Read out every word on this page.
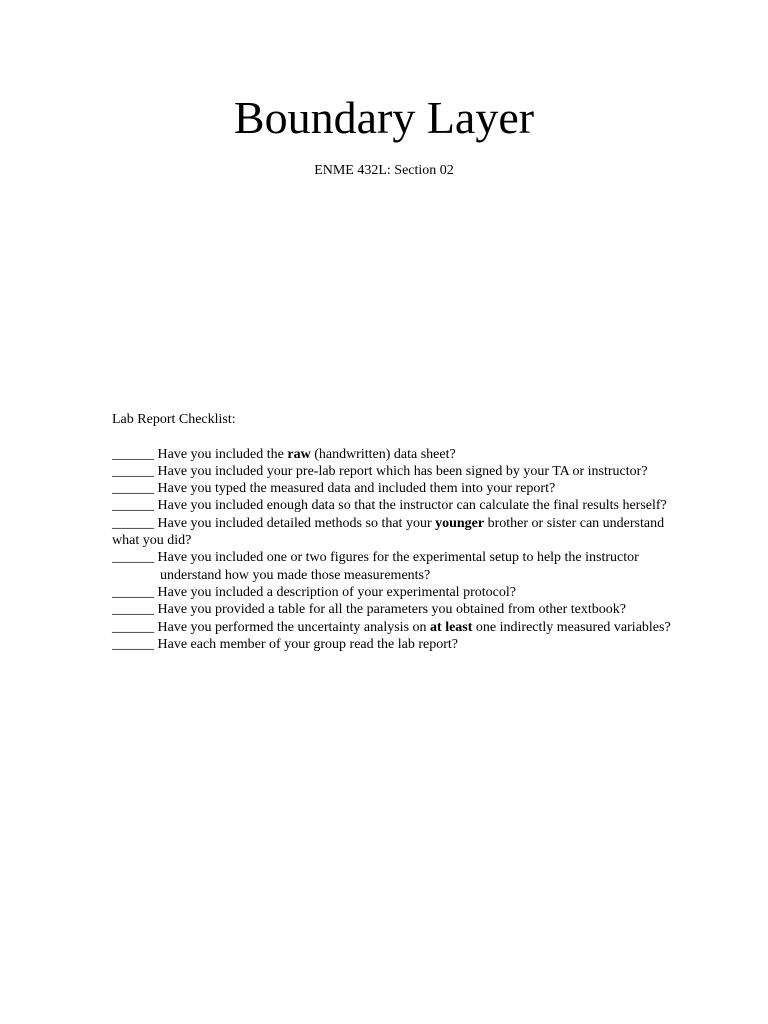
Boundary Layer
ENME 432L: Section 02
Lab Report Checklist:
______ Have you included the raw (handwritten) data sheet?
______ Have you included your pre-lab report which has been signed by your TA or instructor?
______ Have you typed the measured data and included them into your report?
______ Have you included enough data so that the instructor can calculate the final results herself?
______ Have you included detailed methods so that your younger brother or sister can understand what you did?
______ Have you included one or two figures for the experimental setup to help the instructor
understand how you made those measurements?
______ Have you included a description of your experimental protocol?
______ Have you provided a table for all the parameters you obtained from other textbook?
______ Have you performed the uncertainty analysis on at least one indirectly measured variables?
______ Have each member of your group read the lab report?
